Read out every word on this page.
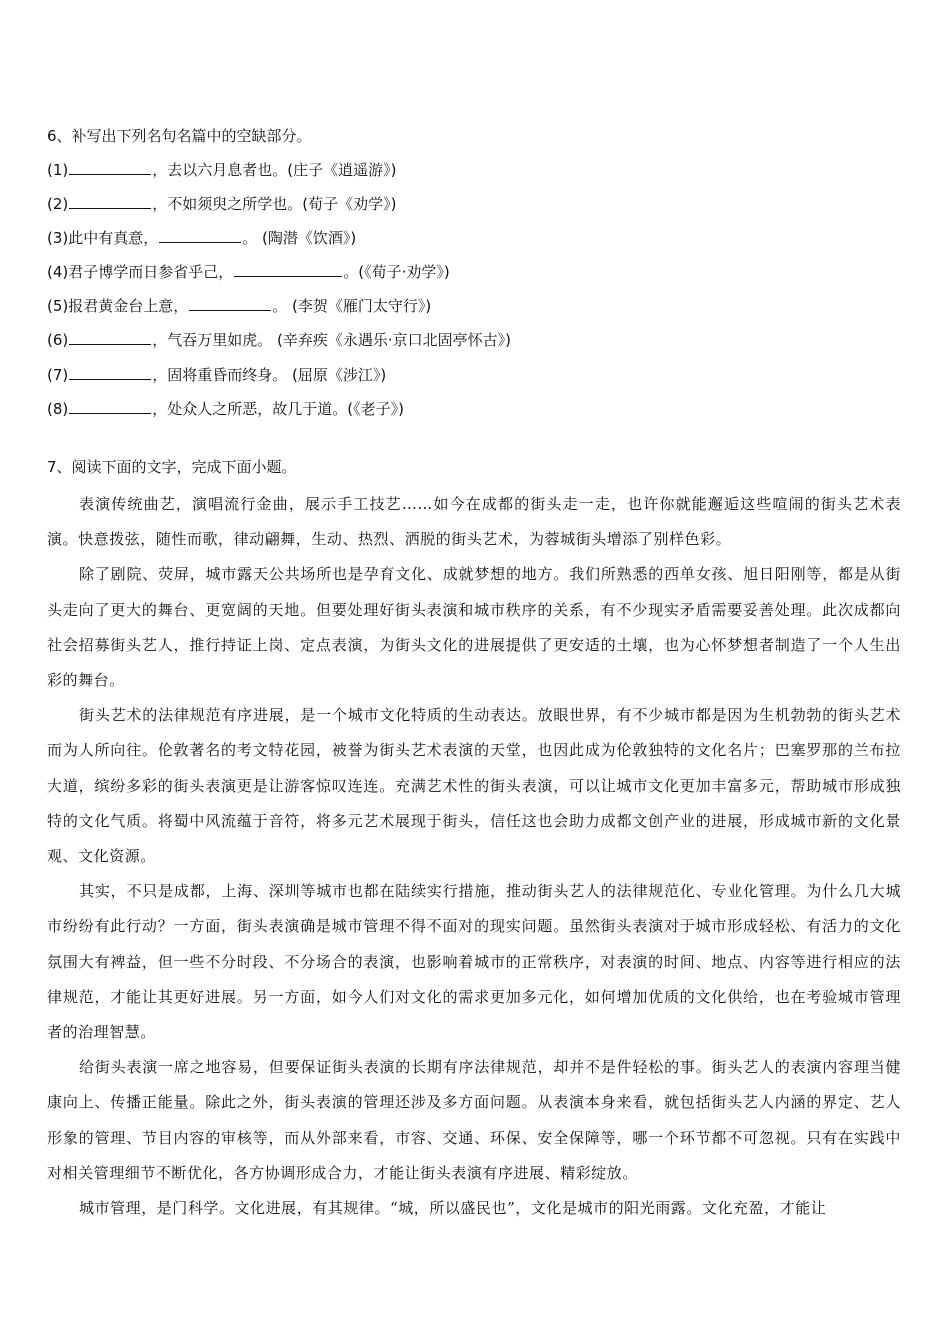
6、补写出下列名句名篇中的空缺部分。
(1)	，去以六月息者也。(庄子《逍遥游》)
(2)	，不如须臾之所学也。(荀子《劝学》)
(3)此中有真意，	。 (陶潜《饮酒》)
(4)君子博学而日参省乎己，	。(《荀子·劝学》)
(5)报君黄金台上意，	。 (李贺《雁门太守行》)
(6)	，气吞万里如虎。 (辛弃疾《永遇乐·京口北固亭怀古》)
(7)	，固将重昏而终身。 (屈原《涉江》)
(8)	，处众人之所恶，故几于道。(《老子》)
7、阅读下面的文字，完成下面小题。

表演传统曲艺，演唱流行金曲，展示手工技艺……如今在成都的街头走一走，也许你就能邂逅这些喧闹的街头艺术表演。快意拨弦，随性而歌，律动翩舞，生动、热烈、洒脱的街头艺术，为蓉城街头增添了别样色彩。

除了剧院、荧屏，城市露天公共场所也是孕育文化、成就梦想的地方。我们所熟悉的西单女孩、旭日阳刚等，都是从街头走向了更大的舞台、更宽阔的天地。但要处理好街头表演和城市秩序的关系，有不少现实矛盾需要妥善处理。此次成都向社会招募街头艺人，推行持证上岗、定点表演，为街头文化的进展提供了更安适的土壤，也为心怀梦想者制造了一个人生出彩的舞台。

街头艺术的法律规范有序进展，是一个城市文化特质的生动表达。放眼世界，有不少城市都是因为生机勃勃的街头艺术而为人所向往。伦敦著名的考文特花园，被誉为街头艺术表演的天堂，也因此成为伦敦独特的文化名片；巴塞罗那的兰布拉大道，缤纷多彩的街头表演更是让游客惊叹连连。充满艺术性的街头表演，可以让城市文化更加丰富多元，帮助城市形成独特的文化气质。将蜀中风流蕴于音符，将多元艺术展现于街头，信任这也会助力成都文创产业的进展，形成城市新的文化景观、文化资源。

其实，不只是成都，上海、深圳等城市也都在陆续实行措施，推动街头艺人的法律规范化、专业化管理。为什么几大城市纷纷有此行动？一方面，街头表演确是城市管理不得不面对的现实问题。虽然街头表演对于城市形成轻松、有活力的文化氛围大有裨益，但一些不分时段、不分场合的表演，也影响着城市的正常秩序，对表演的时间、地点、内容等进行相应的法律规范，才能让其更好进展。另一方面，如今人们对文化的需求更加多元化，如何增加优质的文化供给，也在考验城市管理者的治理智慧。

给街头表演一席之地容易，但要保证街头表演的长期有序法律规范，却并不是件轻松的事。街头艺人的表演内容理当健康向上、传播正能量。除此之外，街头表演的管理还涉及多方面问题。从表演本身来看，就包括街头艺人内涵的界定、艺人形象的管理、节目内容的审核等，而从外部来看，市容、交通、环保、安全保障等，哪一个环节都不可忽视。只有在实践中对相关管理细节不断优化，各方协调形成合力，才能让街头表演有序进展、精彩绽放。

城市管理，是门科学。文化进展，有其规律。“城，所以盛民也”，文化是城市的阳光雨露。文化充盈，才能让
